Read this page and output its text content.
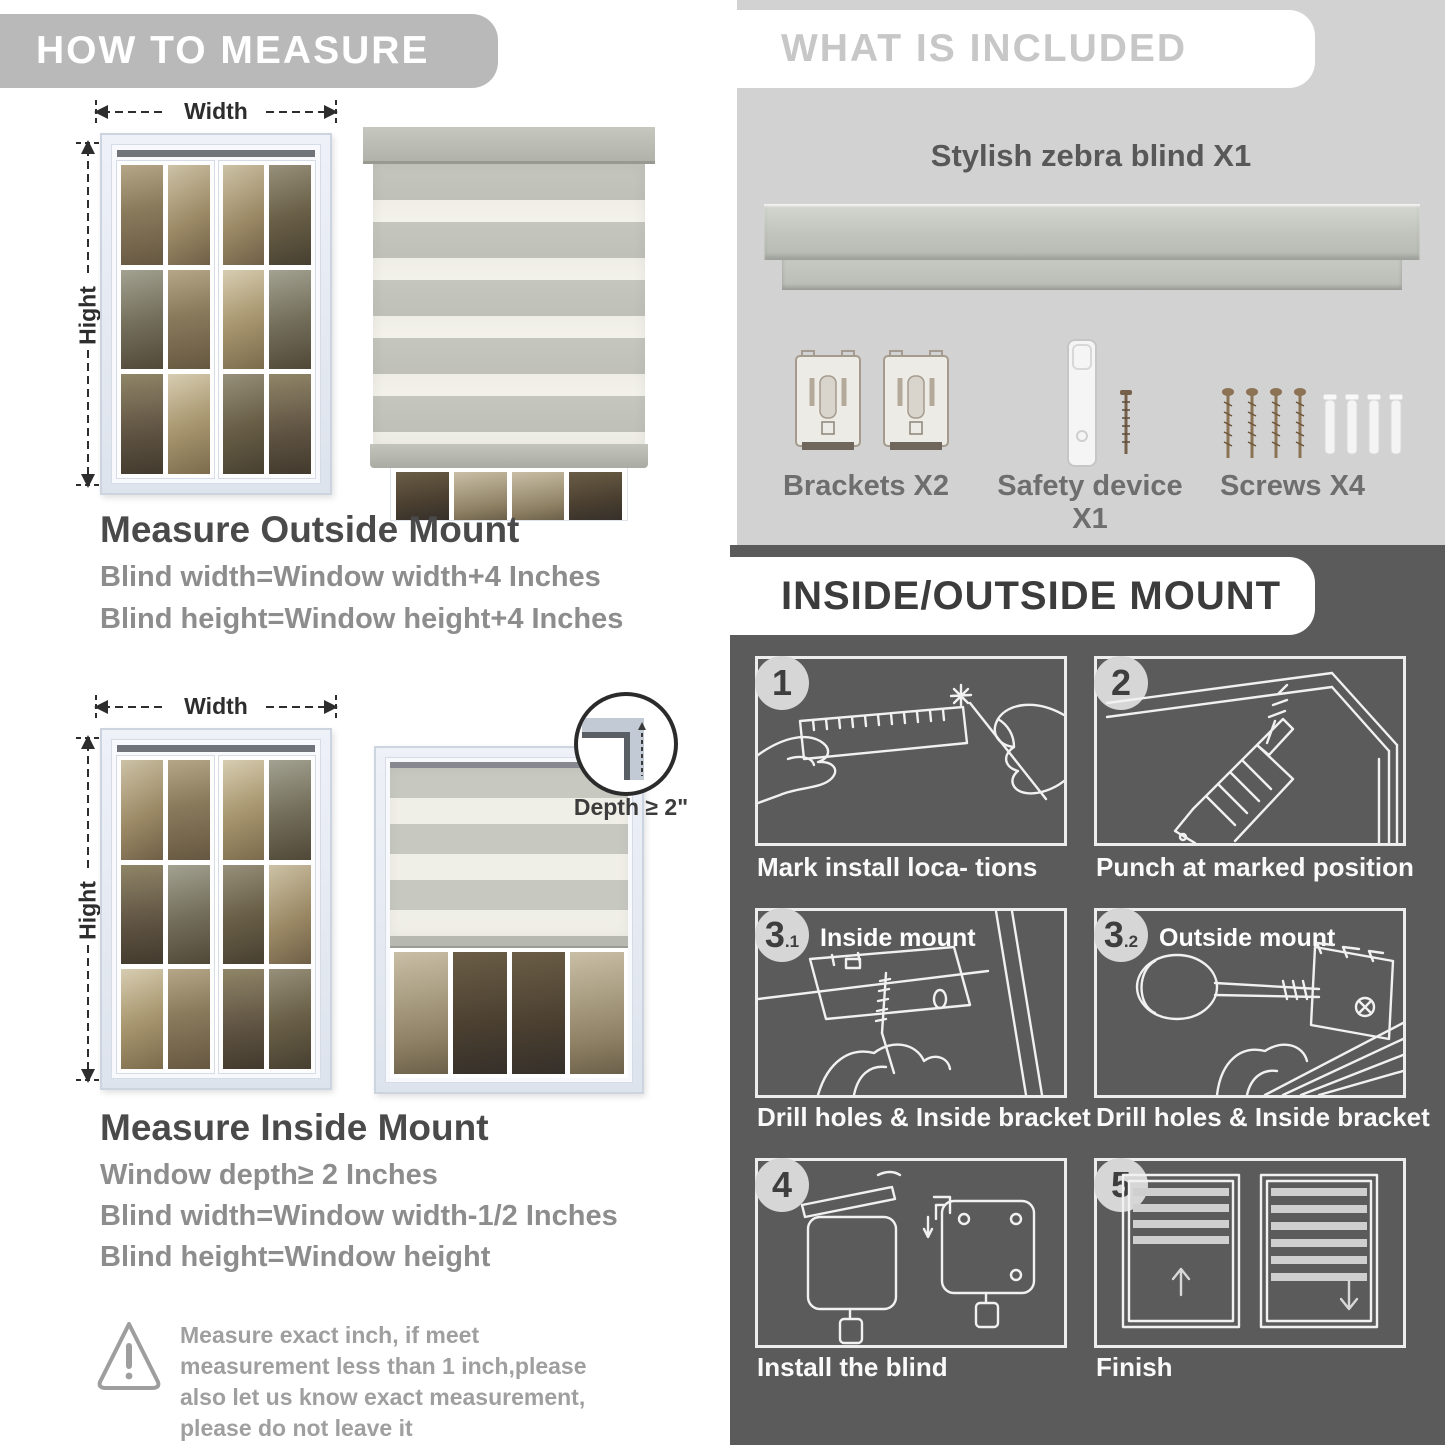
HOW TO MEASURE
Width
Hight
Measure Outside Mount
Blind width=Window width+4 Inches
Blind height=Window height+4 Inches
Width
Hight
Depth ≥ 2"
Measure Inside Mount
Window depth≥ 2 Inches
Blind width=Window width-1/2 Inches
Blind height=Window height
Measure exact inch, if meet measurement less than 1 inch,please also let us know exact measurement, please do not leave it
WHAT IS INCLUDED
Stylish zebra blind X1
Brackets X2	Safety device X1
Screws X4
INSIDE/OUTSIDE MOUNT
1
Mark install loca- tions
2
Punch at marked position
3 .1 Inside mount
Drill holes & Inside bracket
3 .2 Outside mount
Drill holes & Inside bracket
4
Install the blind
5
Finish
